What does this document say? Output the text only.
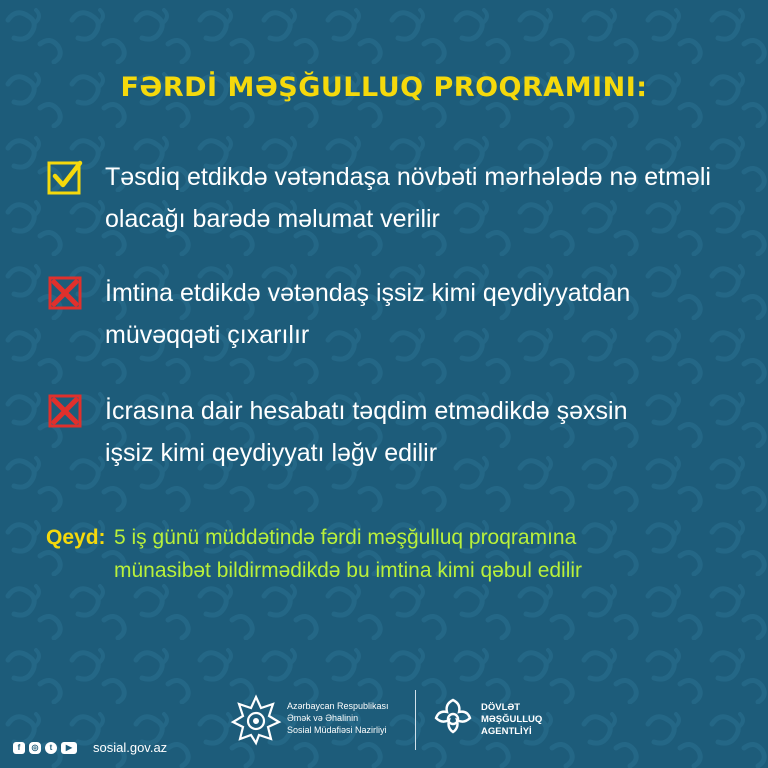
FƏRDİ MƏŞĞULLUQ PROQRAMINI:
Təsdiq etdikdə vətəndaşa növbəti mərhələdə nə etməli
olacağı barədə məlumat verilir
İmtina etdikdə vətəndaş işsiz kimi qeydiyyatdan
müvəqqəti çıxarılır
İcrasına dair hesabatı təqdim etmədikdə şəxsin
işsiz kimi qeydiyyatı ləğv edilir
Qeyd: 5 iş günü müddətində fərdi məşğulluq proqramına
münasibət bildirmədikdə bu imtina kimi qəbul edilir
Azərbaycan Respublikası
Əmək və Əhalinin
Sosial Müdafiəsi Nazirliyi
DÖVLƏT
MƏŞĞULLUQ
AGENTLİYİ
f	◎	t	▶	sosial.gov.az
